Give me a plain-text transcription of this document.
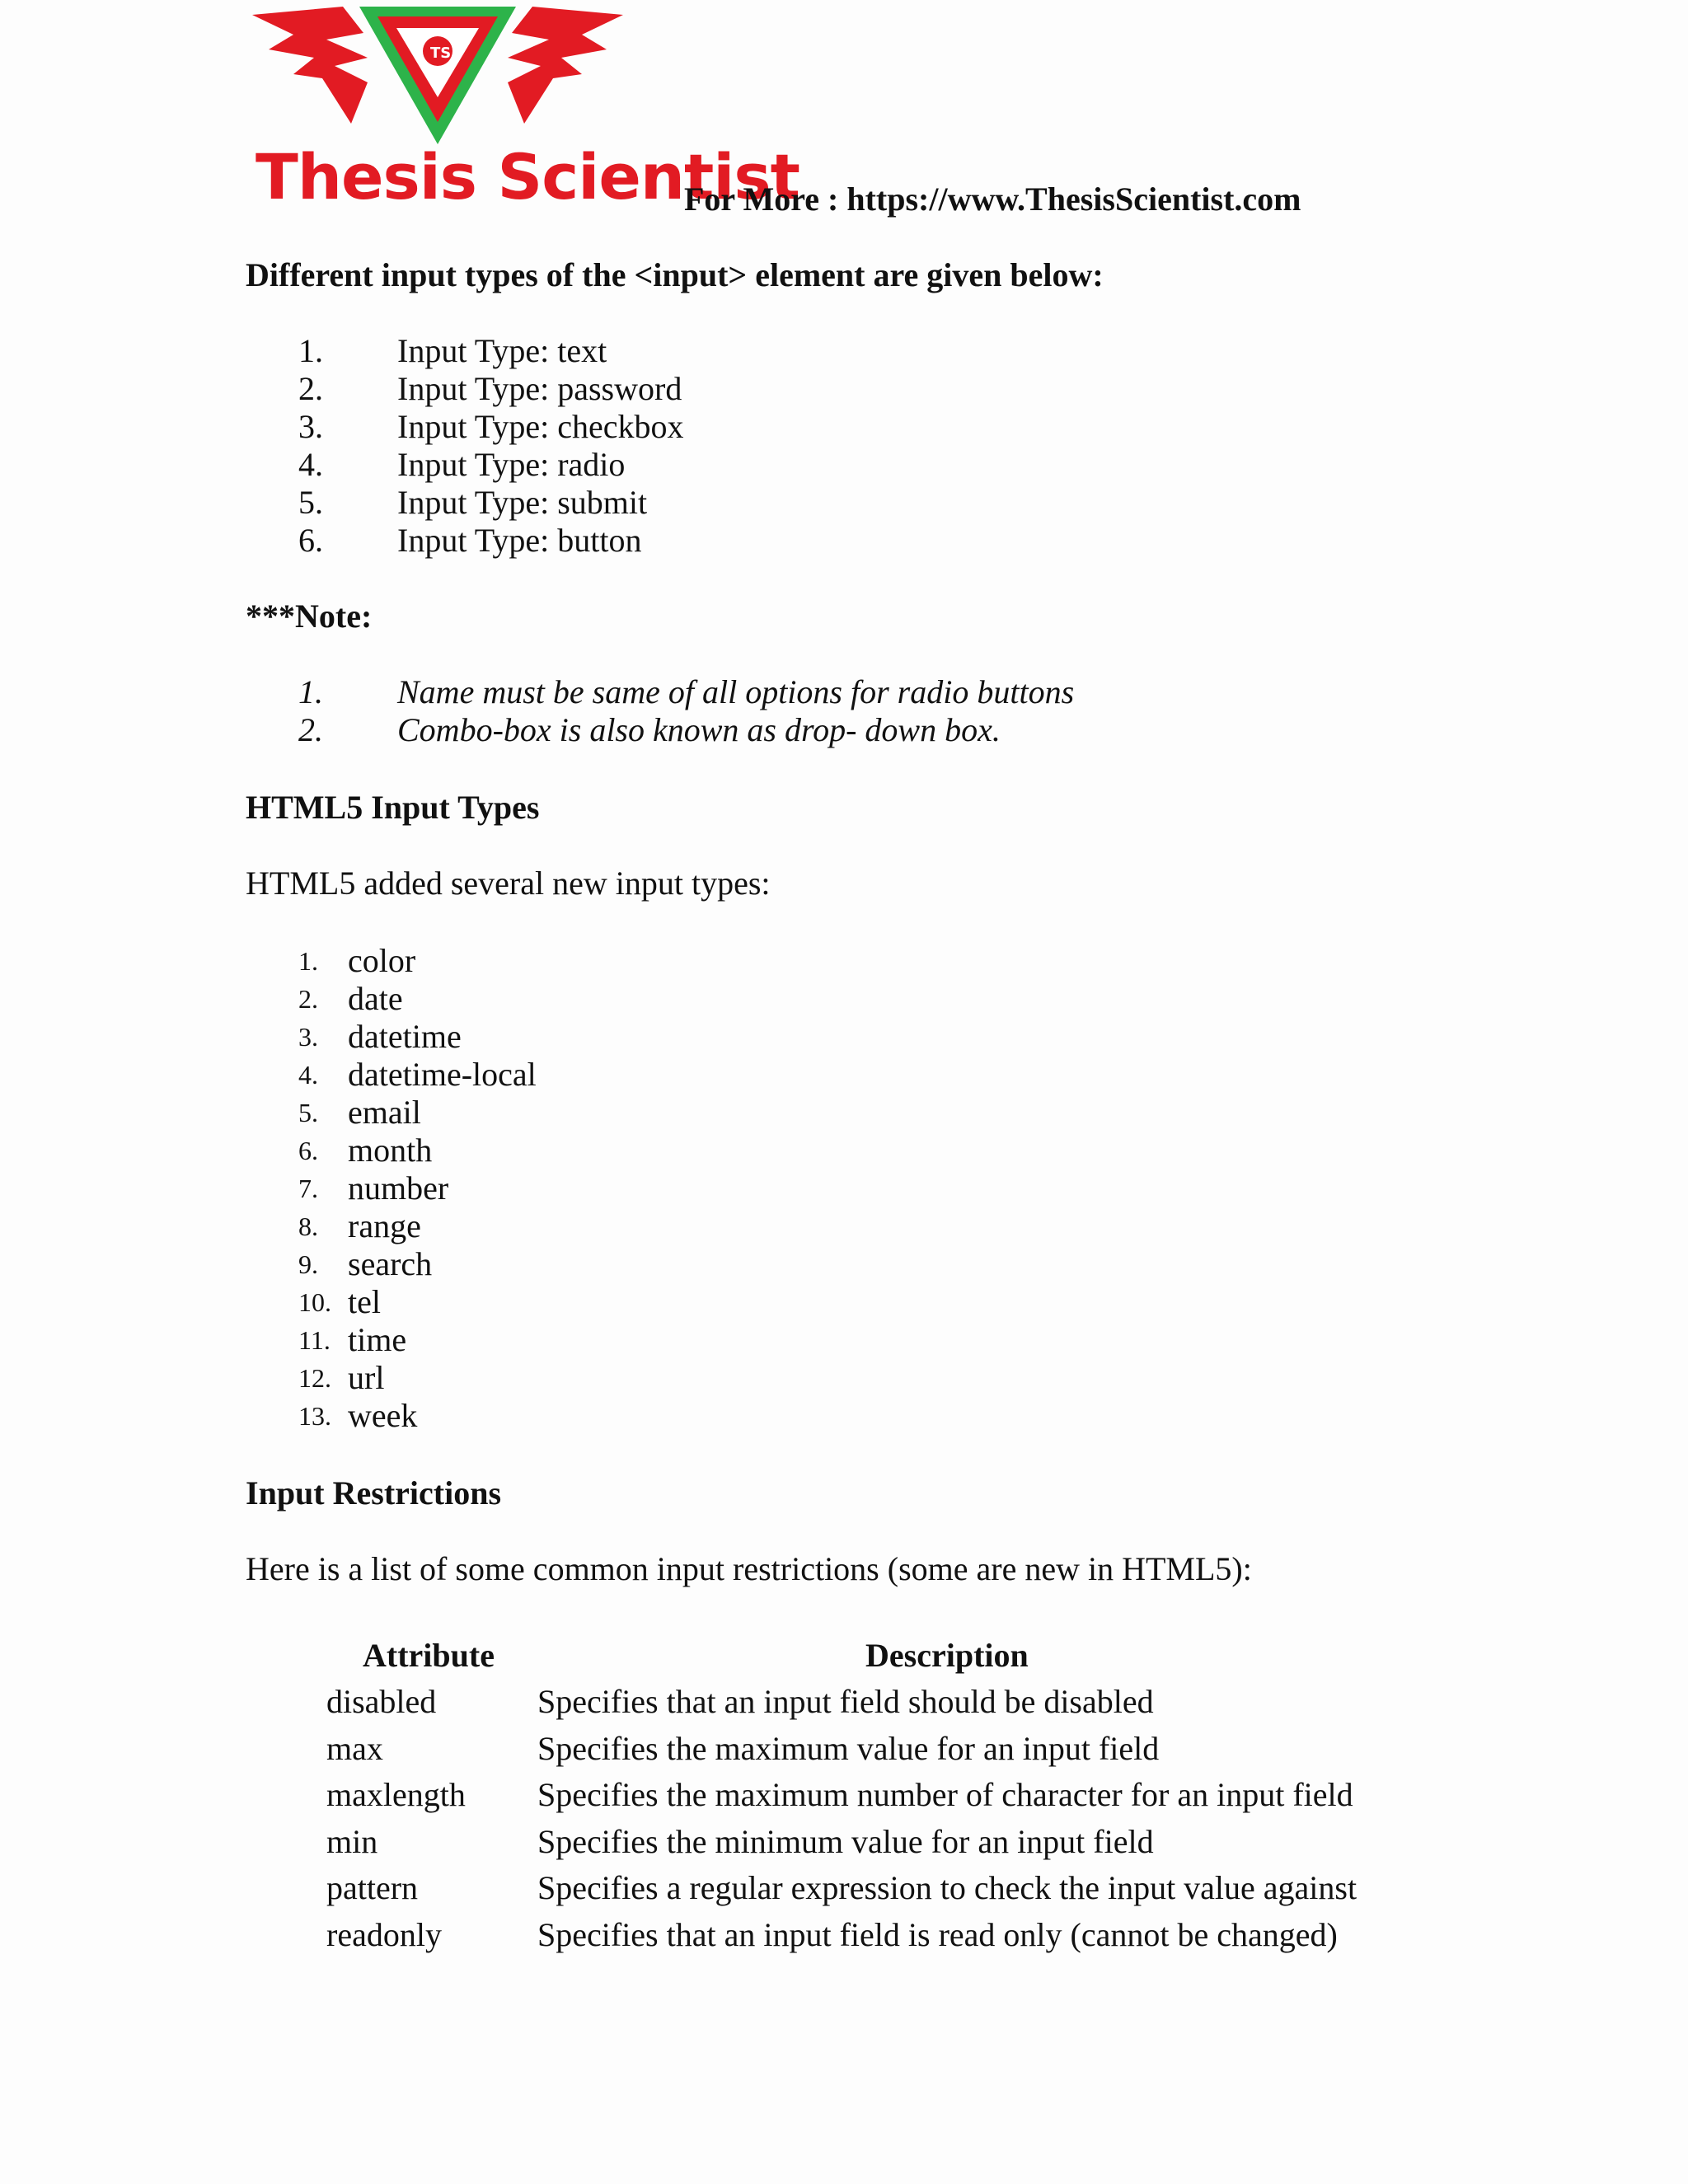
TS
Thesis Scientist
For More : https://www.ThesisScientist.com
Different input types of the <input> element are given below:
1. Input Type: text
2. Input Type: password
3. Input Type: checkbox
4. Input Type: radio
5. Input Type: submit
6. Input Type: button
***Note:
1. Name must be same of all options for radio buttons
2. Combo-box is also known as drop- down box.
HTML5 Input Types
HTML5 added several new input types:
1. color
2. date
3. datetime
4. datetime-local
5. email
6. month
7. number
8. range
9. search
10. tel
11. time
12. url
13. week
Input Restrictions
Here is a list of some common input restrictions (some are new in HTML5):
Attribute	Description
disabled	Specifies that an input field should be disabled
max	Specifies the maximum value for an input field
maxlength Specifies the maximum number of character for an input field
min	Specifies the minimum value for an input field
pattern	Specifies a regular expression to check the input value against
readonly	Specifies that an input field is read only (cannot be changed)
